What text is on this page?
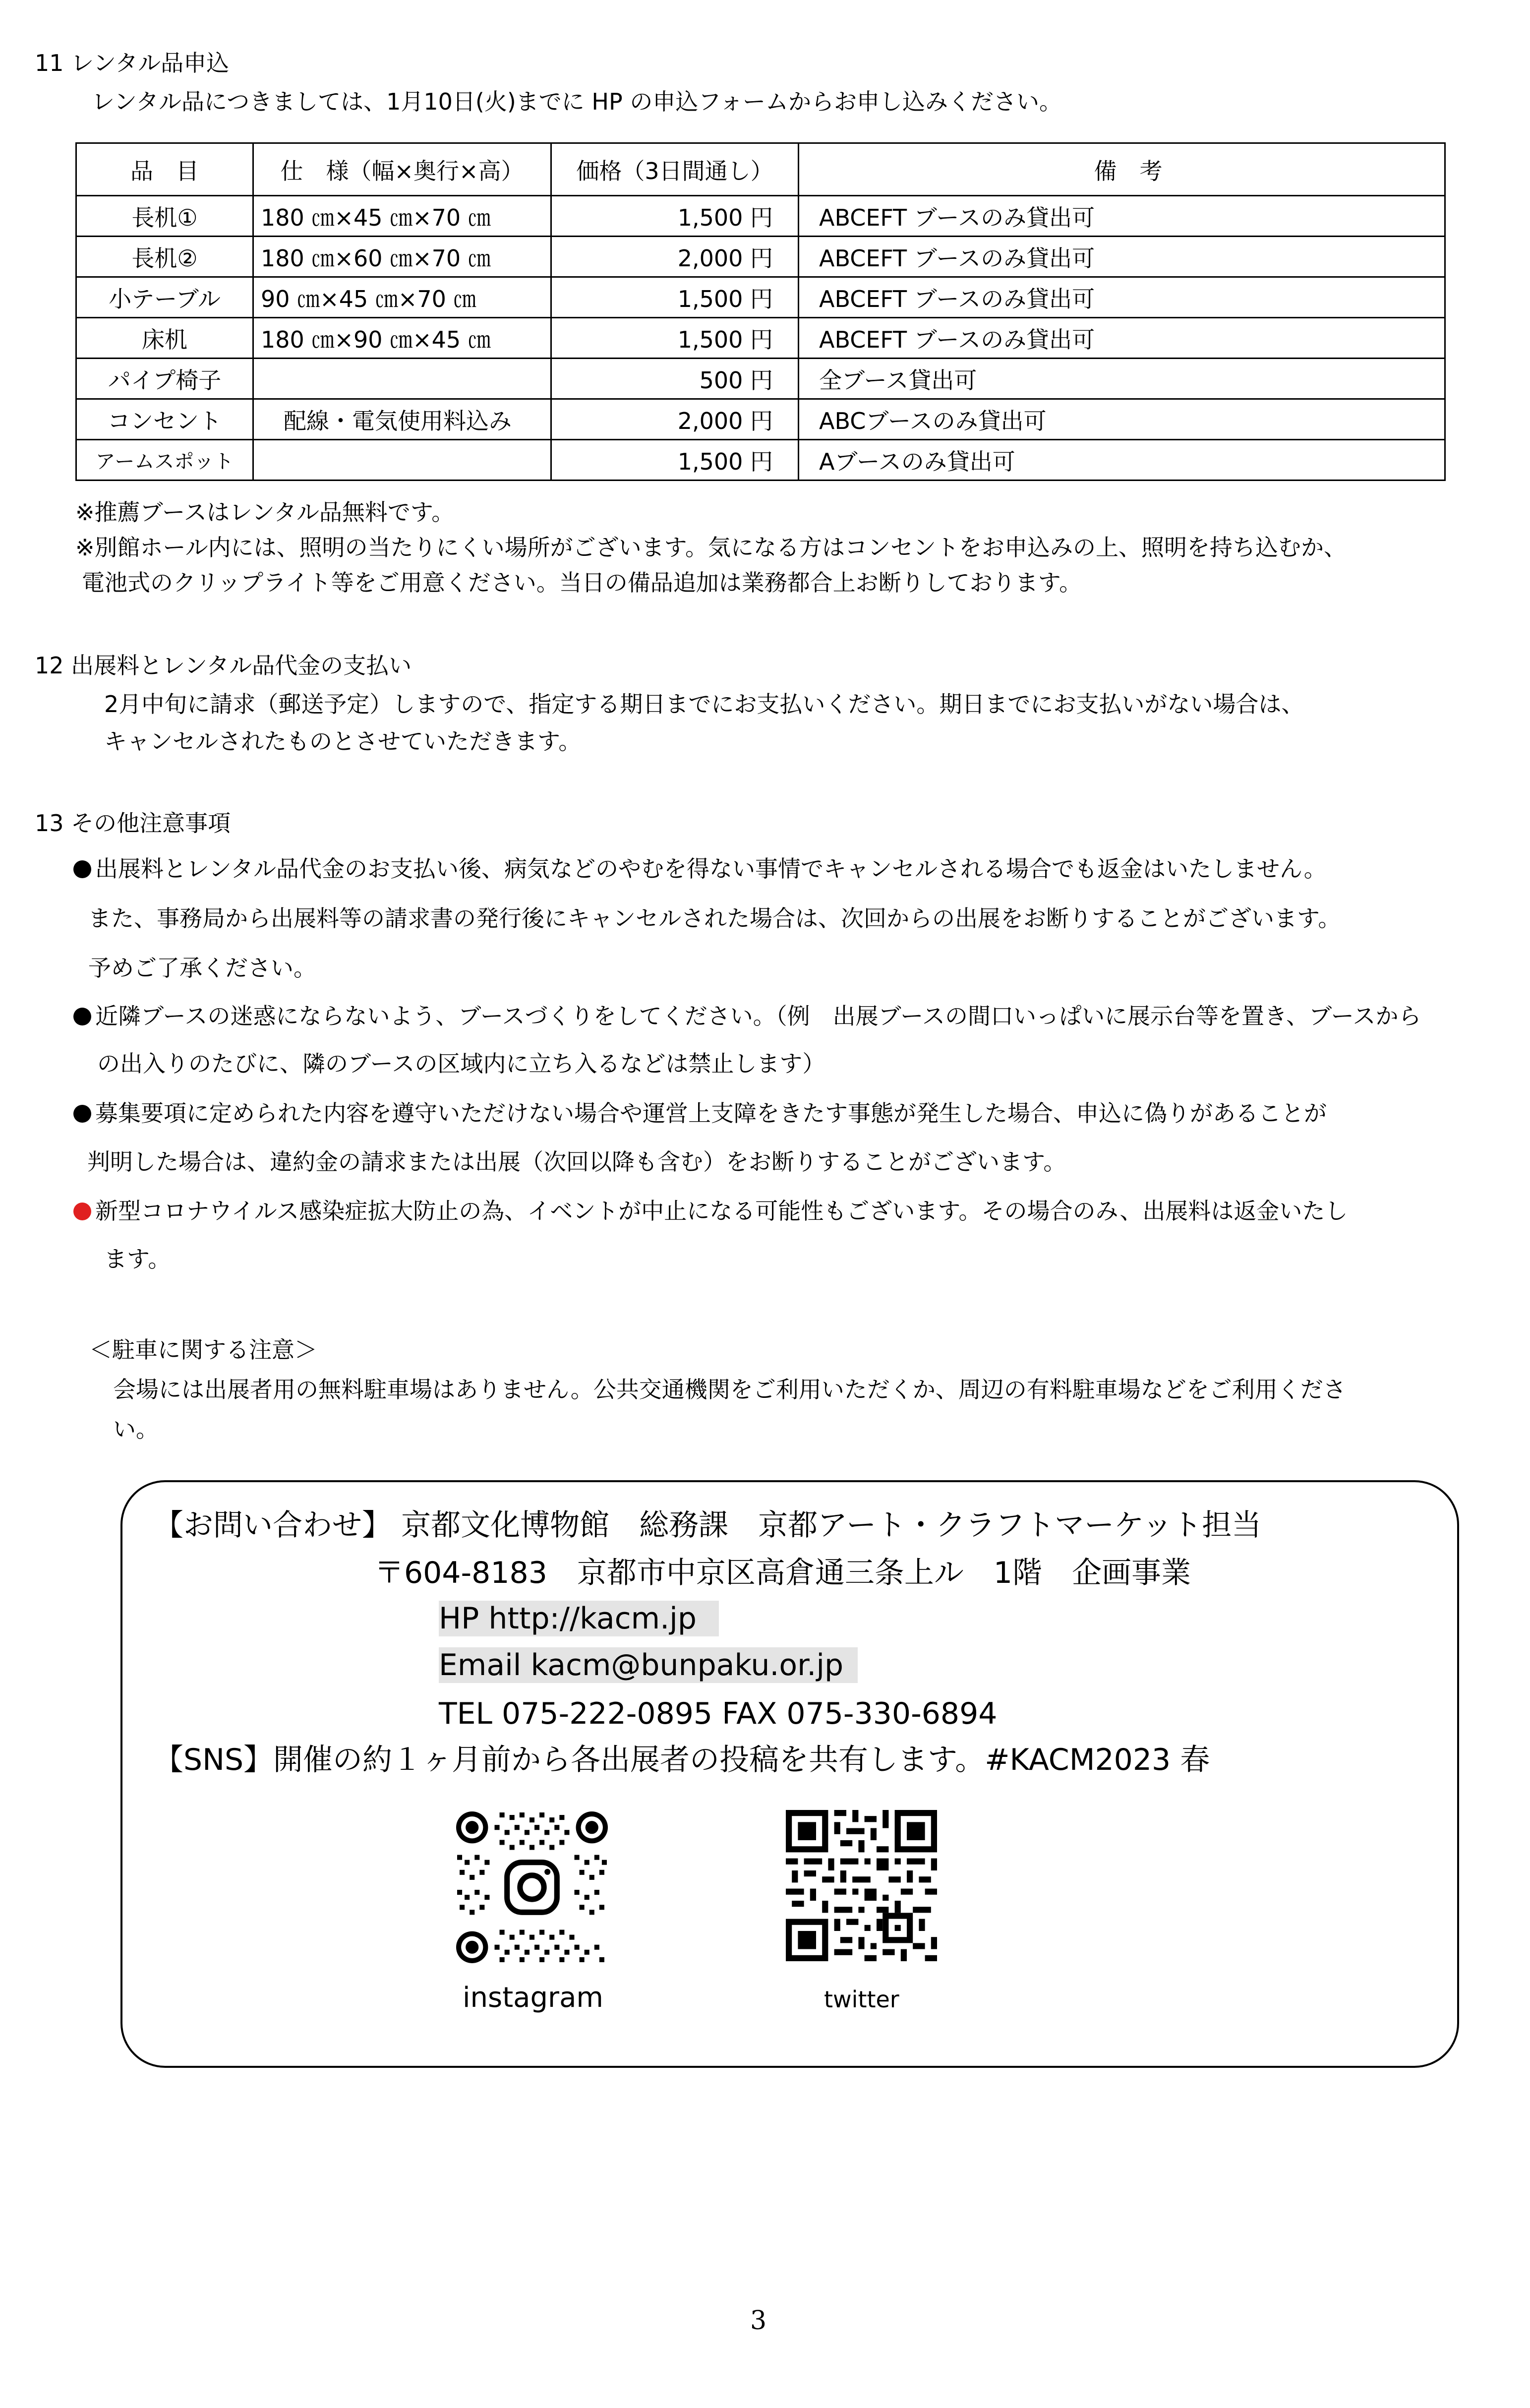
11 レンタル品申込
レンタル品につきましては、1月10日(火)までに HP の申込フォームからお申し込みください。
品　目	仕　様（幅×奥行×高）	価格（3日間通し）	備　考
長机①	180 ㎝×45 ㎝×70 ㎝	1,500 円	ABCEFT ブースのみ貸出可
長机②	180 ㎝×60 ㎝×70 ㎝	2,000 円	ABCEFT ブースのみ貸出可
小テーブル	90 ㎝×45 ㎝×70 ㎝	1,500 円	ABCEFT ブースのみ貸出可
床机	180 ㎝×90 ㎝×45 ㎝	1,500 円	ABCEFT ブースのみ貸出可
パイプ椅子		500 円	全ブース貸出可
コンセント	配線・電気使用料込み	2,000 円	ABCブースのみ貸出可
アームスポット		1,500 円	Aブースのみ貸出可
※推薦ブースはレンタル品無料です。
※別館ホール内には、照明の当たりにくい場所がございます。気になる方はコンセントをお申込みの上、照明を持ち込むか、
電池式のクリップライト等をご用意ください。当日の備品追加は業務都合上お断りしております。
12 出展料とレンタル品代金の支払い
2月中旬に請求（郵送予定）しますので、指定する期日までにお支払いください。期日までにお支払いがない場合は、
キャンセルされたものとさせていただきます。
13 その他注意事項
出展料とレンタル品代金のお支払い後、病気などのやむを得ない事情でキャンセルされる場合でも返金はいたしません。
また、事務局から出展料等の請求書の発行後にキャンセルされた場合は、次回からの出展をお断りすることがございます。
予めご了承ください。
近隣ブースの迷惑にならないよう、ブースづくりをしてください。（例　出展ブースの間口いっぱいに展示台等を置き、ブースから
の出入りのたびに、隣のブースの区域内に立ち入るなどは禁止します）
募集要項に定められた内容を遵守いただけない場合や運営上支障をきたす事態が発生した場合、申込に偽りがあることが
判明した場合は、違約金の請求または出展（次回以降も含む）をお断りすることがございます。
新型コロナウイルス感染症拡大防止の為、イベントが中止になる可能性もございます。その場合のみ、出展料は返金いたし
ます。
＜駐車に関する注意＞
会場には出展者用の無料駐車場はありません。公共交通機関をご利用いただくか、周辺の有料駐車場などをご利用くださ
い。
【お問い合わせ】 京都文化博物館　総務課　京都アート・クラフトマーケット担当
〒604-8183　京都市中京区高倉通三条上ル　1階　企画事業
HP http://kacm.jp
Email kacm@bunpaku.or.jp
TEL 075-222-0895 FAX 075-330-6894
【SNS】開催の約１ヶ月前から各出展者の投稿を共有します。#KACM2023 春
instagram	twitter
3
